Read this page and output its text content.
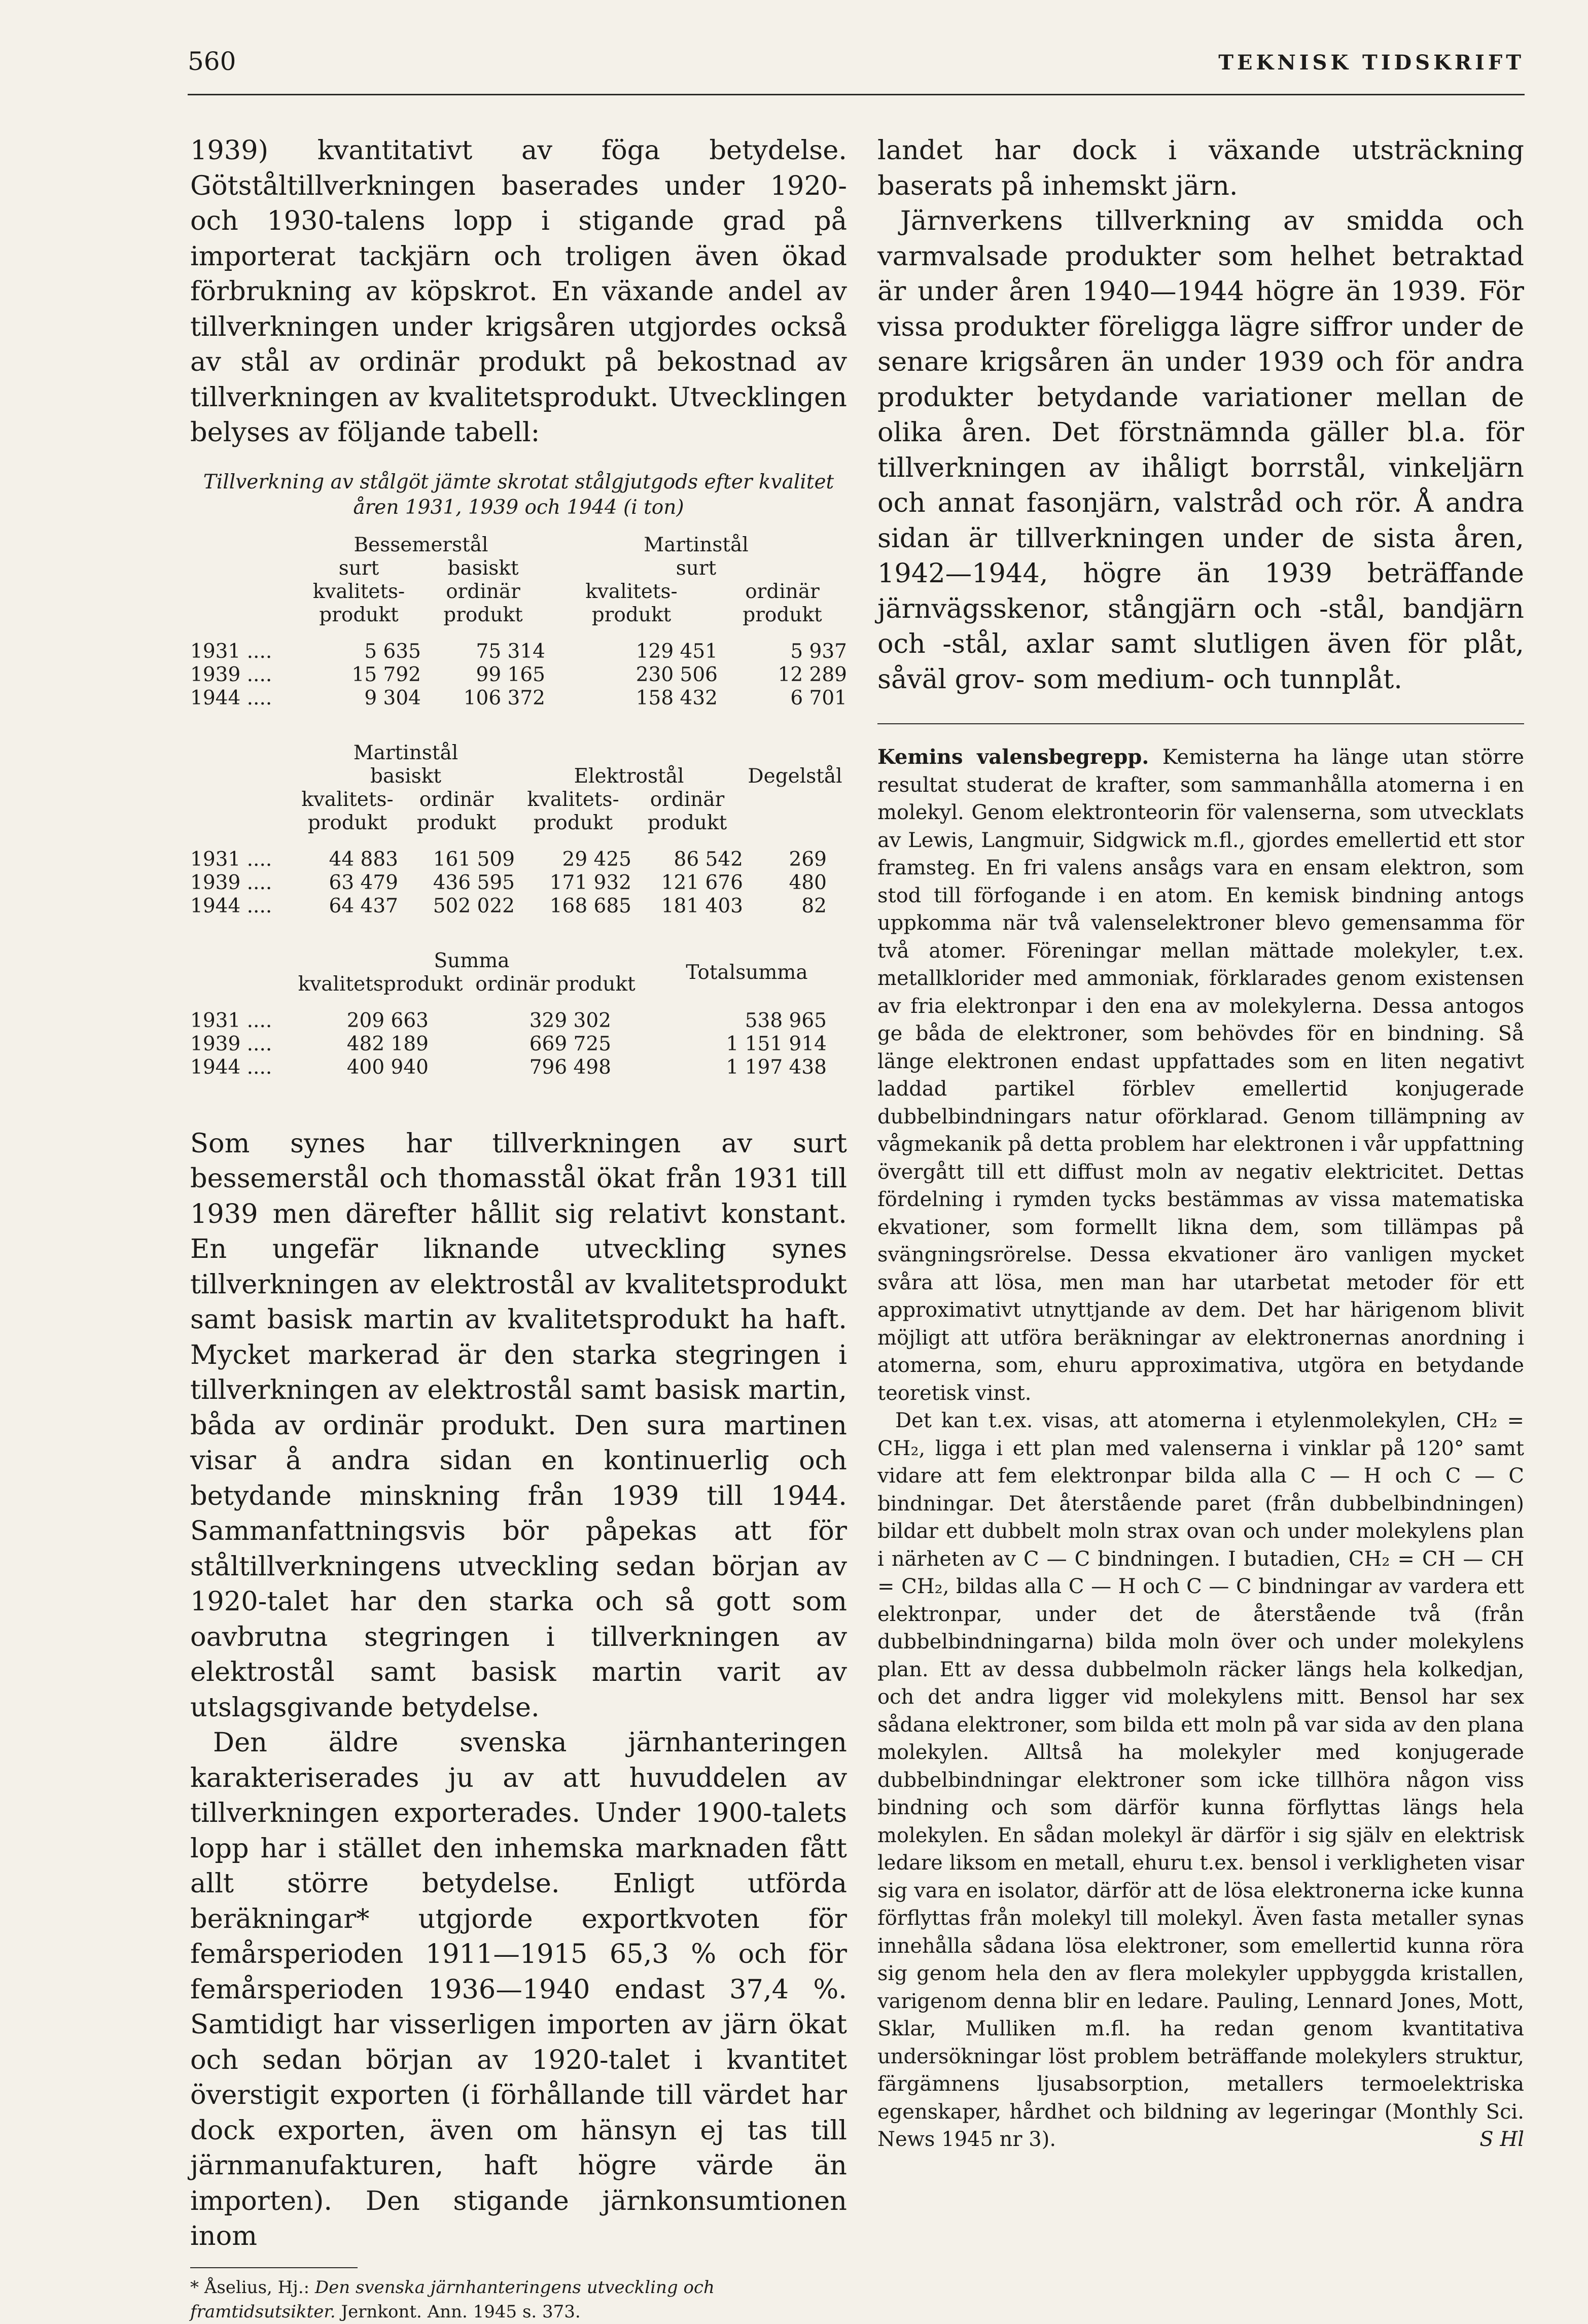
560	TEKNISK TIDSKRIFT

1939) kvantitativt av föga betydelse. Götståltillverkningen baserades under 1920- och 1930-talens lopp i stigande grad på importerat tackjärn och troligen även ökad förbrukning av köpskrot. En växande andel av tillverkningen under krigsåren utgjordes också av stål av ordinär produkt på bekostnad av tillverkningen av kvalitetsprodukt. Utvecklingen belyses av följande tabell:

Tillverkning av stålgöt jämte skrotat stålgjutgods efter kvalitet åren 1931, 1939 och 1944 (i ton)
	Bessemerstål		Martinstål	
	surt	basiskt	surt	
	kvalitets-	ordinär	kvalitets-	ordinär
	produkt	produkt	produkt	produkt

1931 ....	5 635	75 314	129 451	5 937
1939 ....	15 792	99 165	230 506	12 289
1944 ....	9 304	106 372	158 432	6 701
	Martinstål
basiskt		Elektrostål		Degelstål
	kvalitets-	ordinär	kvalitets-	ordinär	
	produkt	produkt	produkt	produkt	

1931 ....	44 883	161 509	29 425	86 542	269
1939 ....	63 479	436 595	171 932	121 676	480
1944 ....	64 437	502 022	168 685	181 403	82
	Summa		Totalsumma
	kvalitetsprodukt	ordinär produkt	

1931 ....	209 663	329 302	538 965
1939 ....	482 189	669 725	1 151 914
1944 ....	400 940	796 498	1 197 438

Som synes har tillverkningen av surt bessemerstål och thomasstål ökat från 1931 till 1939 men därefter hållit sig relativt konstant. En ungefär liknande utveckling synes tillverkningen av elektrostål av kvalitetsprodukt samt basisk martin av kvalitetsprodukt ha haft. Mycket markerad är den starka stegringen i tillverkningen av elektrostål samt basisk martin, båda av ordinär produkt. Den sura martinen visar å andra sidan en kontinuerlig och betydande minskning från 1939 till 1944. Sammanfattningsvis bör påpekas att för ståltillverkningens utveckling sedan början av 1920-talet har den starka och så gott som oavbrutna stegringen i tillverkningen av elektrostål samt basisk martin varit av utslagsgivande betydelse.

Den äldre svenska järnhanteringen karakteriserades ju av att huvuddelen av tillverkningen exporterades. Under 1900-talets lopp har i stället den inhemska marknaden fått allt större betydelse. Enligt utförda beräkningar* utgjorde exportkvoten för femårsperioden 1911—1915 65,3 % och för femårsperioden 1936—1940 endast 37,4 %. Samtidigt har visserligen importen av järn ökat och sedan början av 1920-talet i kvantitet överstigit exporten (i förhållande till värdet har dock exporten, även om hänsyn ej tas till järnmanufakturen, haft högre värde än importen). Den stigande järnkonsumtionen inom

* Åselius, Hj.: Den svenska järnhanteringens utveckling och framtidsutsikter. Jernkont. Ann. 1945 s. 373.

landet har dock i växande utsträckning baserats på inhemskt järn.

Järnverkens tillverkning av smidda och varmvalsade produkter som helhet betraktad är under åren 1940—1944 högre än 1939. För vissa produkter föreligga lägre siffror under de senare krigsåren än under 1939 och för andra produkter betydande variationer mellan de olika åren. Det förstnämnda gäller bl.a. för tillverkningen av ihåligt borrstål, vinkeljärn och annat fasonjärn, valstråd och rör. Å andra sidan är tillverkningen under de sista åren, 1942—1944, högre än 1939 beträffande järnvägsskenor, stångjärn och -stål, bandjärn och -stål, axlar samt slutligen även för plåt, såväl grov- som medium- och tunnplåt.

Kemins valensbegrepp. Kemisterna ha länge utan större resultat studerat de krafter, som sammanhålla atomerna i en molekyl. Genom elektronteorin för valenserna, som utvecklats av Lewis, Langmuir, Sidgwick m.fl., gjordes emellertid ett stor framsteg. En fri valens ansågs vara en ensam elektron, som stod till förfogande i en atom. En kemisk bindning antogs uppkomma när två valenselektroner blevo gemensamma för två atomer. Föreningar mellan mättade molekyler, t.ex. metallklorider med ammoniak, förklarades genom existensen av fria elektronpar i den ena av molekylerna. Dessa antogos ge båda de elektroner, som behövdes för en bindning. Så länge elektronen endast uppfattades som en liten negativt laddad partikel förblev emellertid konjugerade dubbelbindningars natur oförklarad. Genom tillämpning av vågmekanik på detta problem har elektronen i vår uppfattning övergått till ett diffust moln av negativ elektricitet. Dettas fördelning i rymden tycks bestämmas av vissa matematiska ekvationer, som formellt likna dem, som tillämpas på svängningsrörelse. Dessa ekvationer äro vanligen mycket svåra att lösa, men man har utarbetat metoder för ett approximativt utnyttjande av dem. Det har härigenom blivit möjligt att utföra beräkningar av elektronernas anordning i atomerna, som, ehuru approximativa, utgöra en betydande teoretisk vinst.

Det kan t.ex. visas, att atomerna i etylenmolekylen, CH₂ = CH₂, ligga i ett plan med valenserna i vinklar på 120° samt vidare att fem elektronpar bilda alla C — H och C — C bindningar. Det återstående paret (från dubbelbindningen) bildar ett dubbelt moln strax ovan och under molekylens plan i närheten av C — C bindningen. I butadien, CH₂ = CH — CH = CH₂, bildas alla C — H och C — C bindningar av vardera ett elektronpar, under det de återstående två (från dubbelbindningarna) bilda moln över och under molekylens plan. Ett av dessa dubbelmoln räcker längs hela kolkedjan, och det andra ligger vid molekylens mitt. Bensol har sex sådana elektroner, som bilda ett moln på var sida av den plana molekylen. Alltså ha molekyler med konjugerade dubbelbindningar elektroner som icke tillhöra någon viss bindning och som därför kunna förflyttas längs hela molekylen. En sådan molekyl är därför i sig själv en elektrisk ledare liksom en metall, ehuru t.ex. bensol i verkligheten visar sig vara en isolator, därför att de lösa elektronerna icke kunna förflyttas från molekyl till molekyl. Även fasta metaller synas innehålla sådana lösa elektroner, som emellertid kunna röra sig genom hela den av flera molekyler uppbyggda kristallen, varigenom denna blir en ledare. Pauling, Lennard Jones, Mott, Sklar, Mulliken m.fl. ha redan genom kvantitativa undersökningar löst problem beträffande molekylers struktur, färgämnens ljusabsorption, metallers termoelektriska egenskaper, hårdhet och bildning av legeringar (Monthly Sci. News 1945 nr 3).	S Hl
